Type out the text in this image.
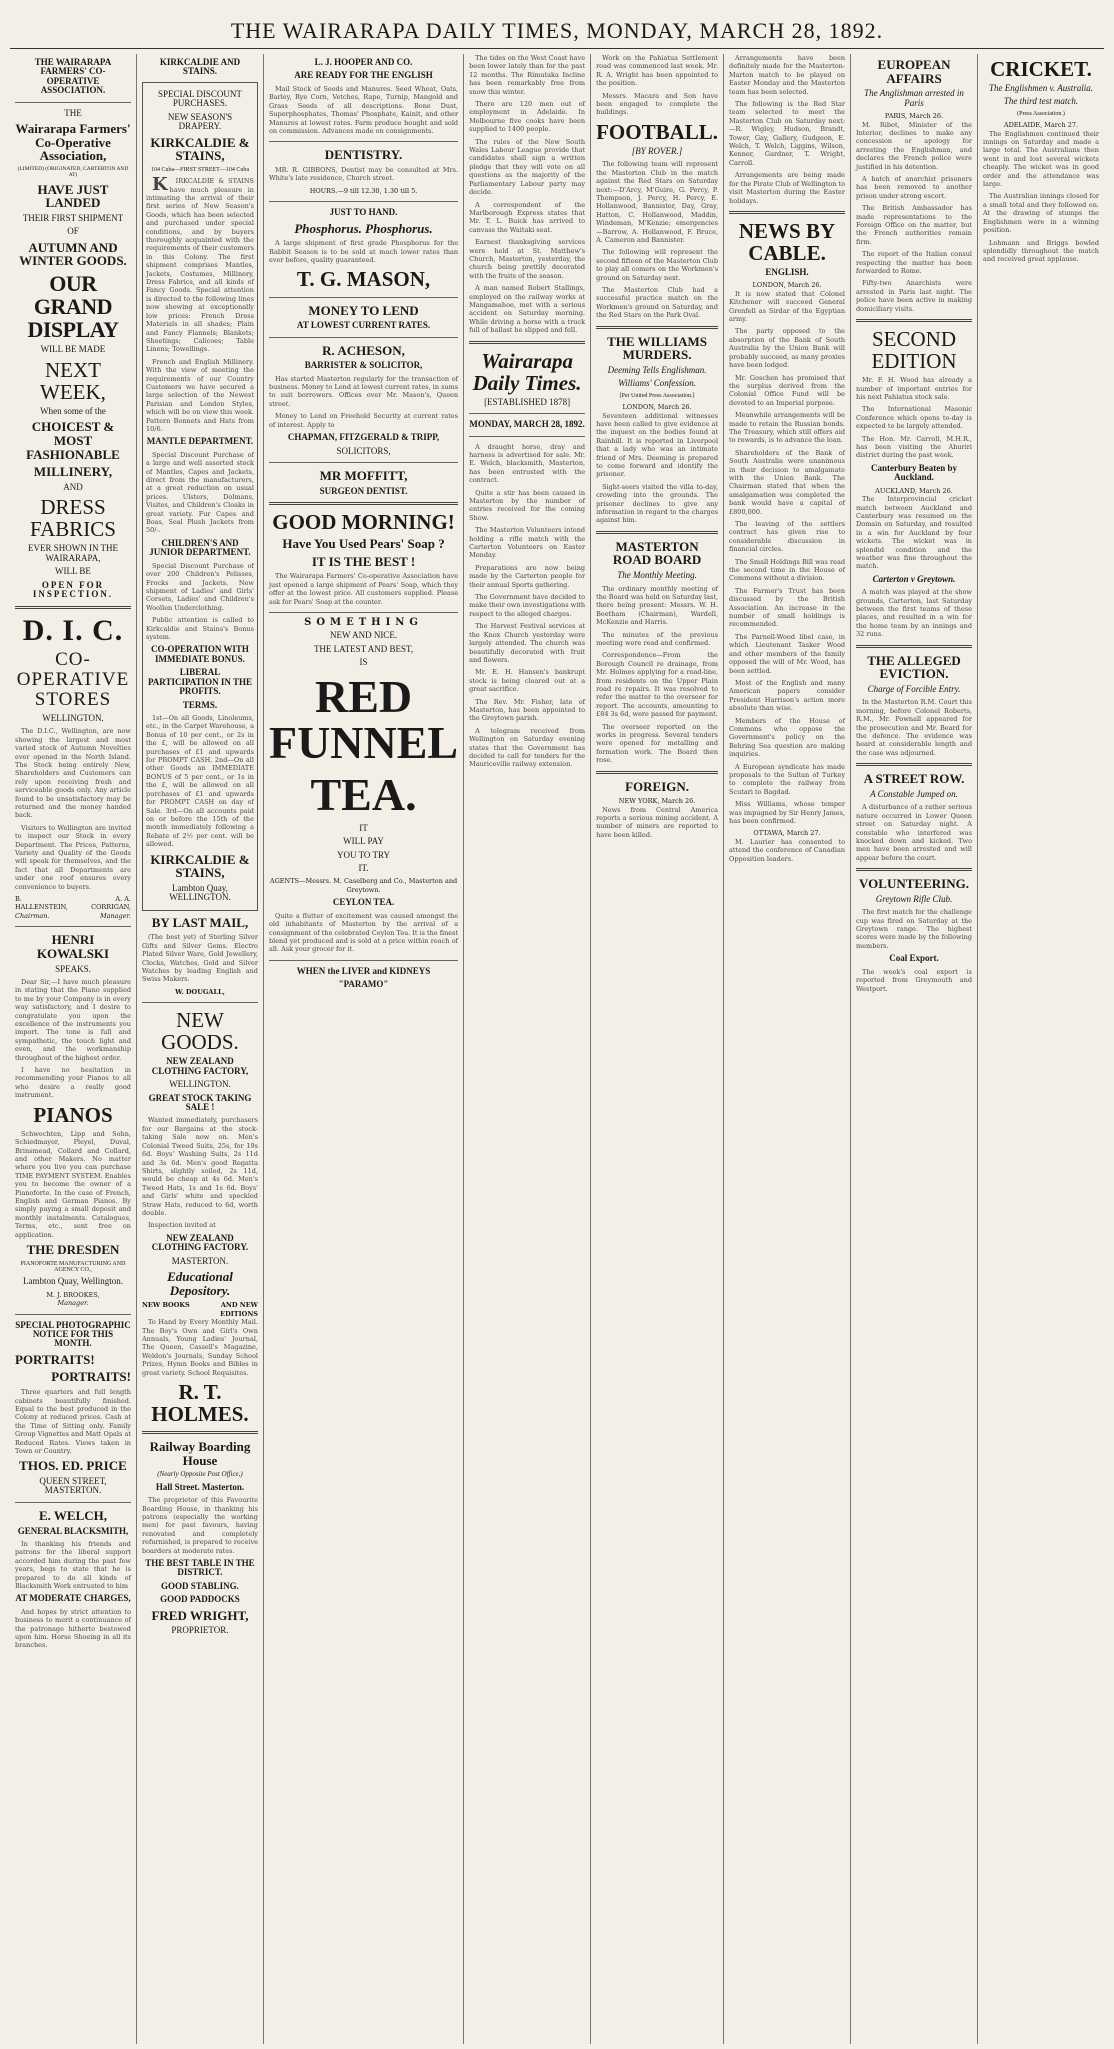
THE WAIRARAPA DAILY TIMES, MONDAY, MARCH 28, 1892.
THE WAIRARAPA FARMERS' CO-OPERATIVE ASSOCIATION.
THE
Wairarapa Farmers' Co-Operative Association,
(LIMITED) (ORIGINATED, CARTERTON AND AT)
HAVE JUST LANDED
THEIR FIRST SHIPMENT
OF
AUTUMN AND WINTER GOODS.
OUR GRAND DISPLAY
WILL BE MADE
NEXT WEEK,
When some of the
CHOICEST & MOST FASHIONABLE
MILLINERY,
AND
DRESS FABRICS
EVER SHOWN IN THE WAIRARAPA,
WILL BE
OPEN FOR INSPECTION.
D. I. C.
CO-OPERATIVE STORES
WELLINGTON.

The D.I.C., Wellington, are now showing the largest and most varied stock of Autumn Novelties ever opened in the North Island. The Stock being entirely New, Shareholders and Customers can rely upon receiving fresh and serviceable goods only. Any article found to be unsatisfactory may be returned and the money handed back.

Visitors to Wellington are invited to inspect our Stock in every Department. The Prices, Patterns, Variety and Quality of the Goods will speak for themselves, and the fact that all Departments are under one roof ensures every convenience to buyers.

B. HALLENSTEIN,
Chairman.
A. A. CORRIGAN,
Manager.
HENRI KOWALSKI
SPEAKS.

Dear Sir,—I have much pleasure in stating that the Piano supplied to me by your Company is in every way satisfactory, and I desire to congratulate you upon the excellence of the instruments you import. The tone is full and sympathetic, the touch light and even, and the workmanship throughout of the highest order.

I have no hesitation in recommending your Pianos to all who desire a really good instrument.

PIANOS

Schwechten, Lipp and Sohn, Schiedmayer, Pleyel, Duval, Brinsmead, Collard and Collard, and other Makers. No matter where you live you can purchase TIME PAYMENT SYSTEM. Enables you to become the owner of a Pianoforte. In the case of French, English and German Pianos. By simply paying a small deposit and monthly instalments. Catalogues, Terms, etc., sent free on application.

THE DRESDEN
PIANOFORTE MANUFACTURING AND AGENCY CO.,
Lambton Quay, Wellington.
M. J. BROOKES,
Manager.
SPECIAL PHOTOGRAPHIC NOTICE FOR THIS MONTH.
PORTRAITS!
PORTRAITS!

Three quarters and full length cabinets beautifully finished. Equal to the best produced in the Colony at reduced prices. Cash at the Time of Sitting only. Family Group Vignettes and Matt Opals at Reduced Rates. Views taken in Town or Country.

THOS. ED. PRICE
QUEEN STREET, MASTERTON.
E. WELCH,
GENERAL BLACKSMITH,

In thanking his friends and patrons for the liberal support accorded him during the past few years, begs to state that he is prepared to do all kinds of Blacksmith Work entrusted to him

AT MODERATE CHARGES,

And hopes by strict attention to business to merit a continuance of the patronage hitherto bestowed upon him. Horse Shoeing in all its branches.

KIRKCALDIE AND STAINS.
SPECIAL DISCOUNT PURCHASES.
NEW SEASON'S DRAPERY.
KIRKCALDIE & STAINS,
104 Cuba—FIRST STREET—104 Cuba

K IRKCALDIE & STAINS have much pleasure in intimating the arrival of their first series of New Season's Goods, which has been selected and purchased under special conditions, and by buyers thoroughly acquainted with the requirements of their customers in this Colony. The first shipment comprises Mantles, Jackets, Costumes, Millinery, Dress Fabrics, and all kinds of Fancy Goods. Special attention is directed to the following lines now showing at exceptionally low prices: French Dress Materials in all shades; Plain and Fancy Flannels; Blankets; Sheetings; Calicoes; Table Linens; Towellings.

French and English Millinery. With the view of meeting the requirements of our Country Customers we have secured a large selection of the Newest Parisian and London Styles, which will be on view this week. Pattern Bonnets and Hats from 10/6.

MANTLE DEPARTMENT.

Special Discount Purchase of a large and well assorted stock of Mantles, Capes and Jackets, direct from the manufacturers, at a great reduction on usual prices. Ulsters, Dolmans, Visites, and Children's Cloaks in great variety. Fur Capes and Boas, Seal Plush Jackets from 50/-.

CHILDREN'S AND JUNIOR DEPARTMENT.

Special Discount Purchase of over 200 Children's Pelisses, Frocks and Jackets. New shipment of Ladies' and Girls' Corsets, Ladies' and Children's Woollen Underclothing.

Public attention is called to Kirkcaldie and Stains's Bonus system.

CO-OPERATION WITH IMMEDIATE BONUS.
LIBERAL PARTICIPATION IN THE PROFITS.
TERMS.

1st—On all Goods, Linoleums, etc., in the Carpet Warehouse, a Bonus of 10 per cent., or 2s in the £, will be allowed on all purchases of £1 and upwards for PROMPT CASH. 2nd—On all other Goods an IMMEDIATE BONUS of 5 per cent., or 1s in the £, will be allowed on all purchases of £1 and upwards for PROMPT CASH on day of Sale. 3rd—On all accounts paid on or before the 15th of the month immediately following a Rebate of 2½ per cent. will be allowed.

KIRKCALDIE & STAINS,
Lambton Quay, WELLINGTON.
BY LAST MAIL,

(The best yet) of Sterling Silver Gifts and Silver Gems. Electro Plated Silver Ware, Gold Jewellery, Clocks, Watches, Gold and Silver Watches by leading English and Swiss Makers.

W. DOUGALL,
NEW GOODS.
NEW ZEALAND CLOTHING FACTORY,
WELLINGTON.
GREAT STOCK TAKING SALE !

Wanted immediately, purchasers for our Bargains at the stock-taking Sale now on. Men's Colonial Tweed Suits, 25s, for 19s 6d. Boys' Washing Suits, 2s 11d and 3s 6d. Men's good Regatta Shirts, slightly soiled, 2s 11d, would be cheap at 4s 6d. Men's Tweed Hats, 1s and 1s 6d. Boys' and Girls' white and speckled Straw Hats, reduced to 6d, worth double.

Inspection invited at

NEW ZEALAND CLOTHING FACTORY.
MASTERTON.
Educational Depository.
NEW BOOKS	AND NEW EDITIONS

To Hand by Every Monthly Mail. The Boy's Own and Girl's Own Annuals, Young Ladies' Journal, The Queen, Cassell's Magazine, Weldon's Journals, Sunday School Prizes, Hymn Books and Bibles in great variety. School Requisites.

R. T. HOLMES.
Railway Boarding House
(Nearly Opposite Post Office,)
Hall Street. Masterton.

The proprietor of this Favourite Boarding House, in thanking his patrons (especially the working men) for past favours, having renovated and completely refurnished, is prepared to receive boarders at moderate rates.

THE BEST TABLE IN THE DISTRICT.
GOOD STABLING.
GOOD PADDOCKS
FRED WRIGHT,
PROPRIETOR.
L. J. HOOPER AND CO.
ARE READY FOR THE ENGLISH

Mail Stock of Seeds and Manures. Seed Wheat, Oats, Barley, Rye Corn, Vetches, Rape, Turnip, Mangold and Grass Seeds of all descriptions. Bone Dust, Superphosphates, Thomas' Phosphate, Kainit, and other Manures at lowest rates. Farm produce bought and sold on commission. Advances made on consignments.

DENTISTRY.

MR. R. GIBBONS, Dentist may be consulted at Mrs. White's late residence, Church street.

HOURS.—9 till 12.30, 1.30 till 5.
JUST TO HAND.
Phosphorus. Phosphorus.

A large shipment of first grade Phosphorus for the Rabbit Season is to be sold at much lower rates than ever before, quality guaranteed.

T. G. MASON,
MONEY TO LEND
AT LOWEST CURRENT RATES.
R. ACHESON,
BARRISTER & SOLICITOR,

Has started Masterton regularly for the transaction of business. Money to Lend at lowest current rates, in sums to suit borrowers. Offices over Mr. Mason's, Queen street.

Money to Lend on Freehold Security at current rates of interest. Apply to

CHAPMAN, FITZGERALD & TRIPP,
SOLICITORS,
MR MOFFITT,
SURGEON DENTIST.
GOOD MORNING!
Have You Used Pears' Soap ?
IT IS THE BEST !

The Wairarapa Farmers' Co-operative Association have just opened a large shipment of Pears' Soap, which they offer at the lowest price. All customers supplied. Please ask for Pears' Soap at the counter.

SOMETHING
NEW AND NICE.
THE LATEST AND BEST,
IS
RED FUNNEL
TEA.
IT
WILL PAY
YOU TO TRY
IT.
AGENTS—Messrs. M. Caselberg and Co., Masterton and Greytown.
CEYLON TEA.

Quite a flutter of excitement was caused amongst the old inhabitants of Masterton by the arrival of a consignment of the celebrated Ceylon Tea. It is the finest blend yet produced and is sold at a price within reach of all. Ask your grocer for it.

WHEN the LIVER and KIDNEYS
"PARAMO"

The tides on the West Coast have been lower lately than for the past 12 months. The Rimutaka Incline has been remarkably free from snow this winter.

There are 120 men out of employment in Adelaide. In Melbourne five cooks have been supplied to 1400 people.

The rules of the New South Wales Labour League provide that candidates shall sign a written pledge that they will vote on all questions as the majority of the Parliamentary Labour party may decide.

A correspondent of the Marlborough Express states that Mr. T. L. Buick has arrived to canvass the Waitaki seat.

Earnest thanksgiving services were held at St. Matthew's Church, Masterton, yesterday, the church being prettily decorated with the fruits of the season.

A man named Robert Stallings, employed on the railway works at Mangamahoe, met with a serious accident on Saturday morning. While driving a horse with a truck full of ballast he slipped and fell.

Wairarapa Daily Times.
[ESTABLISHED 1878]
MONDAY, MARCH 28, 1892.

A draught horse, dray and harness is advertised for sale. Mr. E. Welch, blacksmith, Masterton, has been entrusted with the contract.

Quite a stir has been caused in Masterton by the number of entries received for the coming Show.

The Masterton Volunteers intend holding a rifle match with the Carterton Volunteers on Easter Monday.

Preparations are now being made by the Carterton people for their annual Sports gathering.

The Government have decided to make their own investigations with respect to the alleged charges.

The Harvest Festival services at the Knox Church yesterday were largely attended. The church was beautifully decorated with fruit and flowers.

Mr. E. H. Hansen's bankrupt stock is being cleared out at a great sacrifice.

The Rev. Mr. Fisher, late of Masterton, has been appointed to the Greytown parish.

A telegram received from Wellington on Saturday evening states that the Government has decided to call for tenders for the Mauriceville railway extension.

Work on the Pahiatua Settlement road was commenced last week. Mr. R. A. Wright has been appointed to the position.

Messrs. Macara and Son have been engaged to complete the buildings.

FOOTBALL.
[BY ROVER.]

The following team will represent the Masterton Club in the match against the Red Stars on Saturday next:—D'Arcy, M'Guire, G. Percy, P. Thompson, J. Percy, H. Percy, E. Hollanwood, Bannister, Day, Gray, Hatton, C. Hollanwood, Maddin, Windeman, M'Kenzie; emergencies—Barrow, A. Hollanwood, F. Bruce, A. Cameron and Bannister.

The following will represent the second fifteen of the Masterton Club to play all comers on the Workmen's ground on Saturday next.

The Masterton Club had a successful practice match on the Workmen's ground on Saturday, and the Red Stars on the Park Oval.

THE WILLIAMS MURDERS.
Deeming Tells Englishman.
Williams' Confession.
[Per United Press Association.]
LONDON, March 26.

Seventeen additional witnesses have been called to give evidence at the inquest on the bodies found at Rainhill. It is reported in Liverpool that a lady who was an intimate friend of Mrs. Deeming is prepared to come forward and identify the prisoner.

Sight-seers visited the villa to-day, crowding into the grounds. The prisoner declines to give any information in regard to the charges against him.

MASTERTON ROAD BOARD
The Monthly Meeting.

The ordinary monthly meeting of the Board was held on Saturday last, there being present: Messrs. W. H. Beetham (Chairman), Wardell, McKenzie and Harris.

The minutes of the previous meeting were read and confirmed.

Correspondence—From the Borough Council re drainage, from Mr. Holmes applying for a road-line, from residents on the Upper Plain road re repairs. It was resolved to refer the matter to the overseer for report. The accounts, amounting to £84 3s 6d, were passed for payment.

The overseer reported on the works in progress. Several tenders were opened for metalling and formation work. The Board then rose.

FOREIGN.
NEW YORK, March 26.

News from Central America reports a serious mining accident. A number of miners are reported to have been killed.

Arrangements have been definitely made for the Masterton-Marton match to be played on Easter Monday and the Masterton team has been selected.

The following is the Red Star team selected to meet the Masterton Club on Saturday next:—R. Wigley, Hudson, Brandt, Tower, Gay, Gallery, Gudgeon, E. Welch, T. Welch, Liggins, Wilson, Kenner, Gardner, T. Wright, Carroll.

Arrangements are being made for the Pirate Club of Wellington to visit Masterton during the Easter holidays.

NEWS BY CABLE.
ENGLISH.
LONDON, March 26.

It is now stated that Colonel Kitchener will succeed General Grenfell as Sirdar of the Egyptian army.

The party opposed to the absorption of the Bank of South Australia by the Union Bank will probably succeed, as many proxies have been lodged.

Mr. Goschen has promised that the surplus derived from the Colonial Office Fund will be devoted to an Imperial purpose.

Meanwhile arrangements will be made to retain the Russian bonds. The Treasury, which still offers aid to rewards, is to advance the loan.

Shareholders of the Bank of South Australia were unanimous in their decision to amalgamate with the Union Bank. The Chairman stated that when the amalgamation was completed the bank would have a capital of £800,000.

The leaving of the settlers contract has given rise to considerable discussion in financial circles.

The Small Holdings Bill was read the second time in the House of Commons without a division.

The Farmer's Trust has been discussed by the British Association. An increase in the number of small holdings is recommended.

The Parnell-Wood libel case, in which Lieutenant Tasker Wood and other members of the family opposed the will of Mr. Wood, has been settled.

Most of the English and many American papers consider President Harrison's action more absolute than wise.

Members of the House of Commons who oppose the Government's policy on the Behring Sea question are making inquiries.

A European syndicate has made proposals to the Sultan of Turkey to complete the railway from Scutari to Bagdad.

Miss Williams, whose temper was impugned by Sir Henry James, has been confirmed.

OTTAWA, March 27.

M. Laurier has consented to attend the conference of Canadian Opposition leaders.

EUROPEAN AFFAIRS
The Anglishman arrested in Paris
PARIS, March 26.

M. Ribot, Minister of the Interior, declines to make any concession or apology for arresting the Englishman, and declares the French police were justified in his detention.

A batch of anarchist prisoners has been removed to another prison under strong escort.

The British Ambassador has made representations to the Foreign Office on the matter, but the French authorities remain firm.

The report of the Italian consul respecting the matter has been forwarded to Rome.

Fifty-two Anarchists were arrested in Paris last night. The police have been active in making domiciliary visits.

SECOND EDITION

Mr. F. H. Wood has already a number of important entries for his next Pahiatua stock sale.

The International Masonic Conference which opens to-day is expected to be largely attended.

The Hon. Mr. Carroll, M.H.R., has been visiting the Ahuriri district during the past week.

Canterbury Beaten by Auckland.
AUCKLAND, March 26.

The Interprovincial cricket match between Auckland and Canterbury was resumed on the Domain on Saturday, and resulted in a win for Auckland by four wickets. The wicket was in splendid condition and the weather was fine throughout the match.

Carterton v Greytown.

A match was played at the show grounds, Carterton, last Saturday between the first teams of these places, and resulted in a win for the home team by an innings and 32 runs.

THE ALLEGED EVICTION.
Charge of Forcible Entry.

In the Masterton R.M. Court this morning, before Colonel Roberts, R.M., Mr. Pownall appeared for the prosecution and Mr. Beard for the defence. The evidence was heard at considerable length and the case was adjourned.

A STREET ROW.
A Constable Jumped on.

A disturbance of a rather serious nature occurred in Lower Queen street on Saturday night. A constable who interfered was knocked down and kicked. Two men have been arrested and will appear before the court.

VOLUNTEERING.
Greytown Rifle Club.

The first match for the challenge cup was fired on Saturday at the Greytown range. The highest scores were made by the following members.

Coal Export.

The week's coal export is reported from Greymouth and Westport.

CRICKET.
The Englishmen v. Australia.
The third test match.
(Press Association.)
ADELAIDE, March 27.

The Englishmen continued their innings on Saturday and made a large total. The Australians then went in and lost several wickets cheaply. The wicket was in good order and the attendance was large.

The Australian innings closed for a small total and they followed on. At the drawing of stumps the Englishmen were in a winning position.

Lohmann and Briggs bowled splendidly throughout the match and received great applause.
